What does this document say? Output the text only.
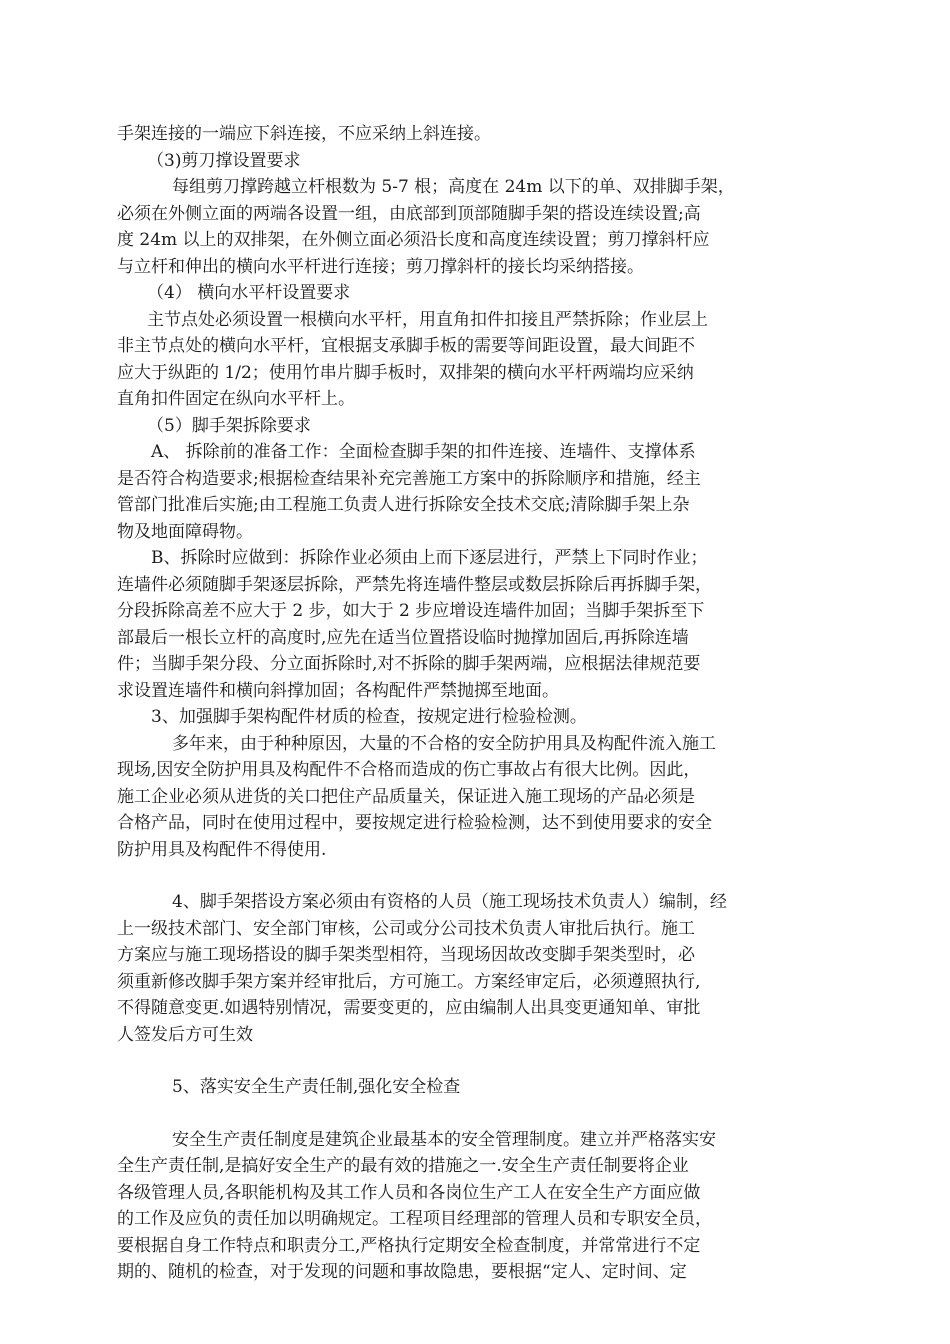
手架连接的一端应下斜连接，不应采纳上斜连接。
（3)剪刀撑设置要求
每组剪刀撑跨越立杆根数为 5-7 根；高度在 24m 以下的单、双排脚手架，
必须在外侧立面的两端各设置一组，由底部到顶部随脚手架的搭设连续设置;高
度 24m 以上的双排架，在外侧立面必须沿长度和高度连续设置；剪刀撑斜杆应
与立杆和伸出的横向水平杆进行连接；剪刀撑斜杆的接长均采纳搭接。
（4） 横向水平杆设置要求
主节点处必须设置一根横向水平杆，用直角扣件扣接且严禁拆除；作业层上
非主节点处的横向水平杆，宜根据支承脚手板的需要等间距设置，最大间距不
应大于纵距的 1/2；使用竹串片脚手板时，双排架的横向水平杆两端均应采纳
直角扣件固定在纵向水平杆上。
（5）脚手架拆除要求
A、 拆除前的准备工作：全面检查脚手架的扣件连接、连墙件、支撑体系
是否符合构造要求;根据检查结果补充完善施工方案中的拆除顺序和措施，经主
管部门批准后实施;由工程施工负责人进行拆除安全技术交底;清除脚手架上杂
物及地面障碍物。
B、拆除时应做到：拆除作业必须由上而下逐层进行，严禁上下同时作业；
连墙件必须随脚手架逐层拆除，严禁先将连墙件整层或数层拆除后再拆脚手架，
分段拆除高差不应大于 2 步，如大于 2 步应增设连墙件加固；当脚手架拆至下
部最后一根长立杆的高度时,应先在适当位置搭设临时抛撑加固后,再拆除连墙
件；当脚手架分段、分立面拆除时,对不拆除的脚手架两端，应根据法律规范要
求设置连墙件和横向斜撑加固；各构配件严禁抛掷至地面。
3、加强脚手架构配件材质的检查，按规定进行检验检测。
多年来，由于种种原因，大量的不合格的安全防护用具及构配件流入施工
现场,因安全防护用具及构配件不合格而造成的伤亡事故占有很大比例。因此，
施工企业必须从进货的关口把住产品质量关，保证进入施工现场的产品必须是
合格产品，同时在使用过程中，要按规定进行检验检测，达不到使用要求的安全
防护用具及构配件不得使用.
4、脚手架搭设方案必须由有资格的人员（施工现场技术负责人）编制，经
上一级技术部门、安全部门审核，公司或分公司技术负责人审批后执行。施工
方案应与施工现场搭设的脚手架类型相符，当现场因故改变脚手架类型时，必
须重新修改脚手架方案并经审批后，方可施工。方案经审定后，必须遵照执行,
不得随意变更.如遇特别情况，需要变更的，应由编制人出具变更通知单、审批
人签发后方可生效
5、落实安全生产责任制,强化安全检查
安全生产责任制度是建筑企业最基本的安全管理制度。建立并严格落实安
全生产责任制,是搞好安全生产的最有效的措施之一.安全生产责任制要将企业
各级管理人员,各职能机构及其工作人员和各岗位生产工人在安全生产方面应做
的工作及应负的责任加以明确规定。工程项目经理部的管理人员和专职安全员，
要根据自身工作特点和职责分工,严格执行定期安全检查制度，并常常进行不定
期的、随机的检查，对于发现的问题和事故隐患，要根据“定人、定时间、定
